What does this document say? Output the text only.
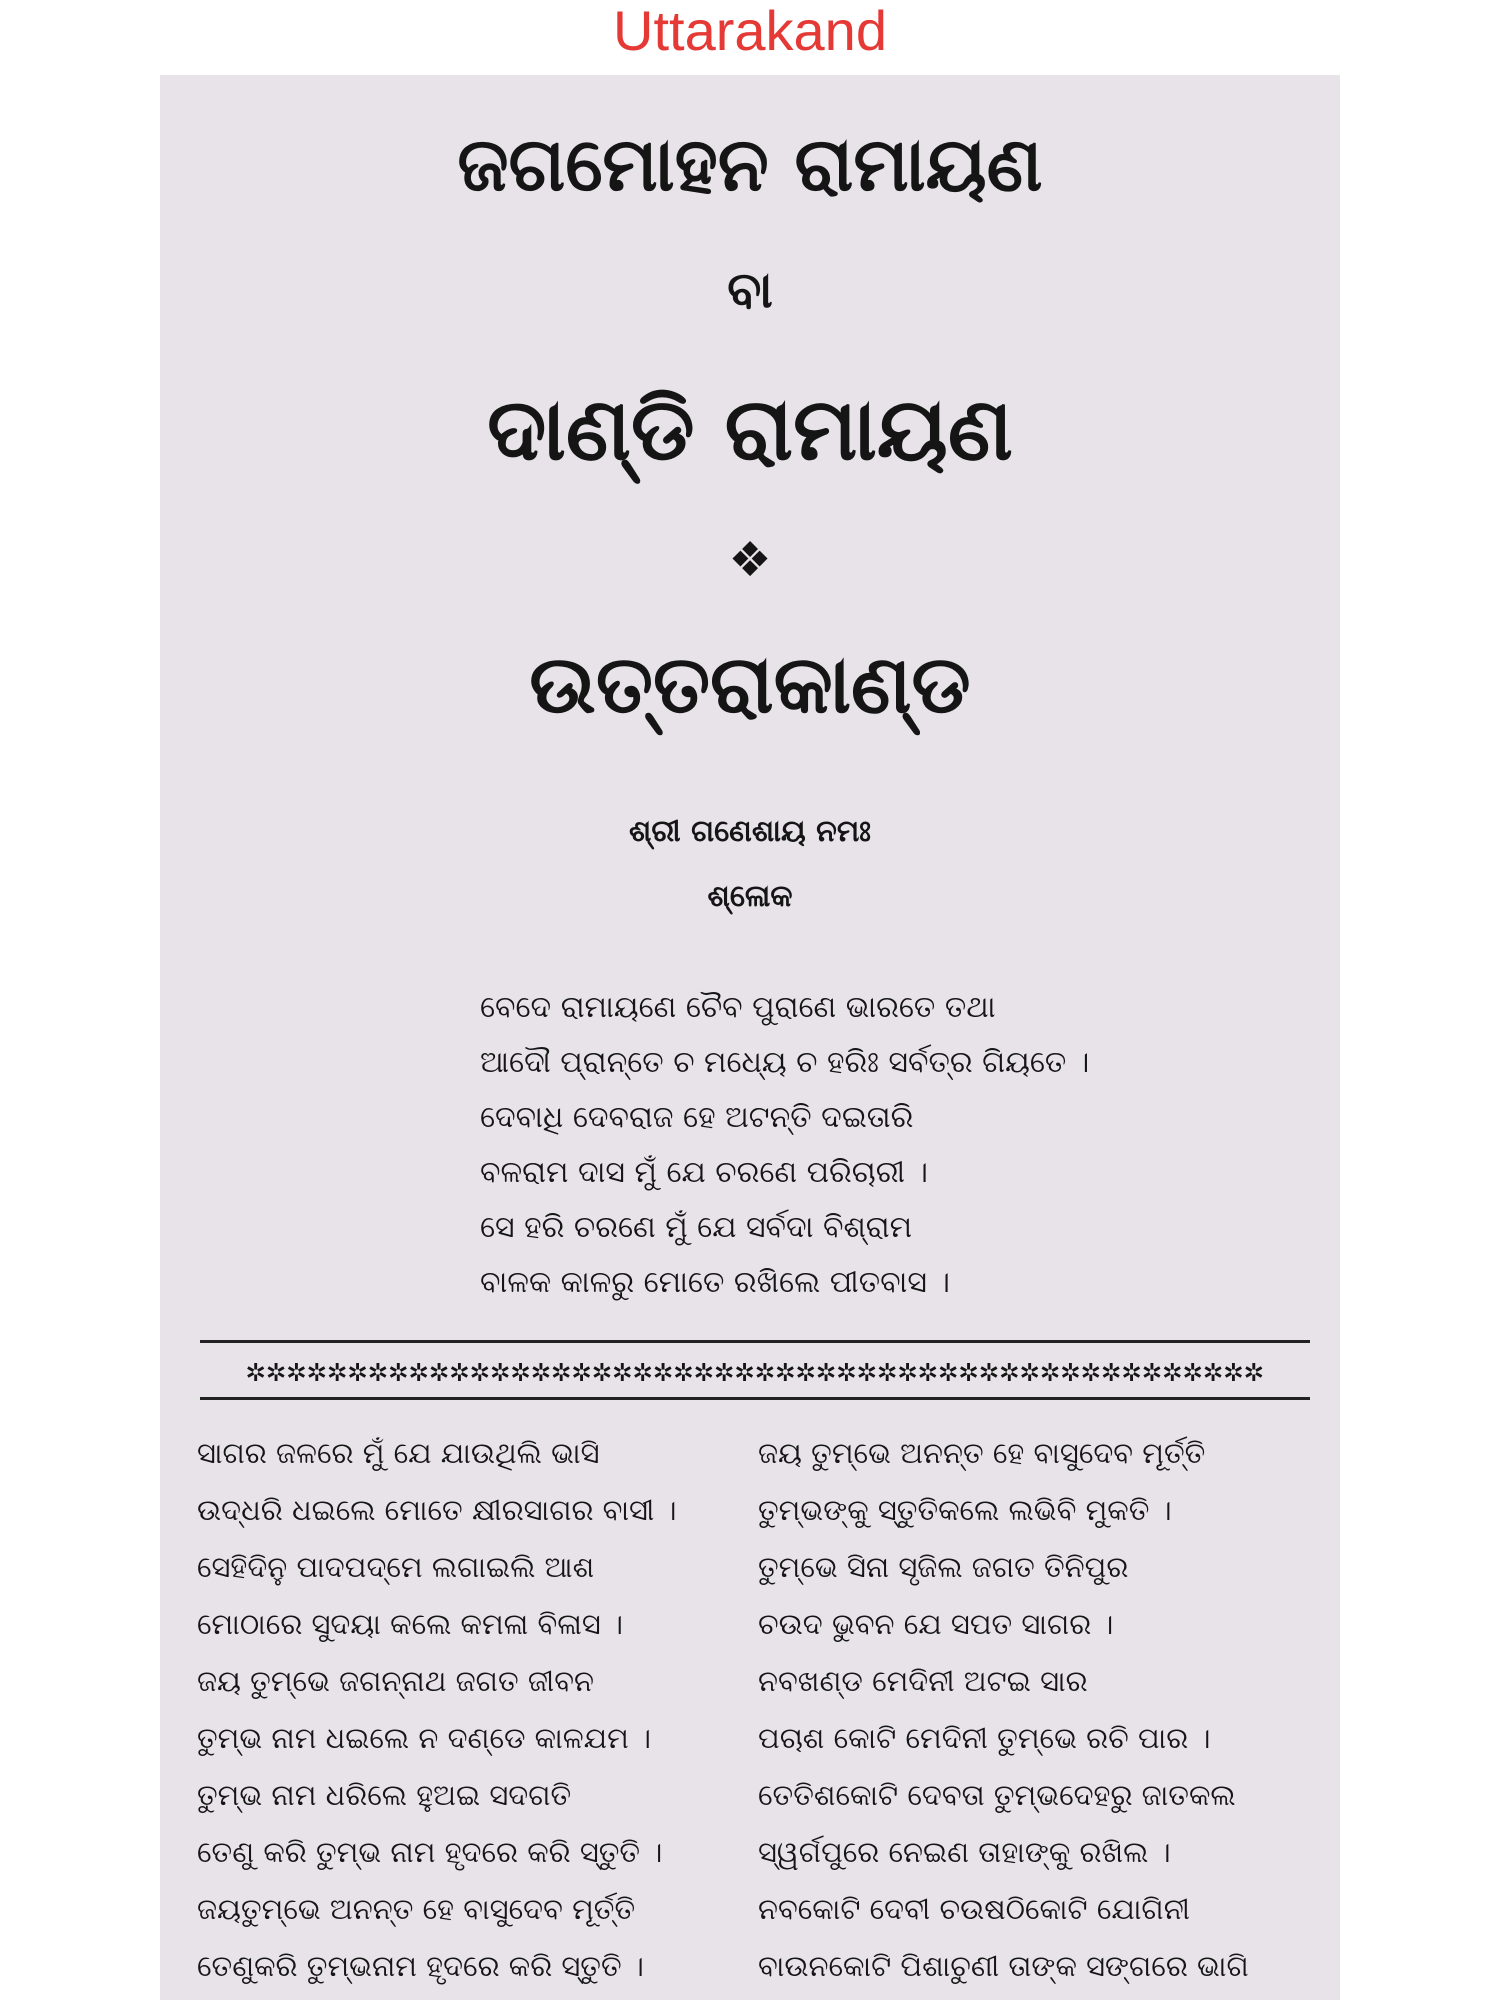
Uttarakand
ଜଗମୋହନ ରାମାୟଣ
ବା
ଦାଣ୍ଡି ରାମାୟଣ
❖
ଉତ୍ତରାକାଣ୍ଡ
ଶ୍ରୀ ଗଣେଶାୟ ନମଃ
ଶ୍ଳୋକ
ବେଦେ ରାମାୟଣେ ଚୈବ ପୁରାଣେ ଭାରତେ ତଥା
ଆଦୌ ପ୍ରାନ୍ତେ ଚ ମଧ୍ୟେ ଚ ହରିଃ ସର୍ବତ୍ର ଗିୟତେ ।
ଦେବାଧି ଦେବରାଜ ହେ ଅଟନ୍ତି ଦଇତାରି
ବଳରାମ ଦାସ ମୁଁ ଯେ ଚରଣେ ପରିଚାରୀ ।
ସେ ହରି ଚରଣେ ମୁଁ ଯେ ସର୍ବଦା ବିଶ୍ରାମ
ବାଳକ କାଳରୁ ମୋତେ ରଖିଲେ ପୀତବାସ ।
✲✲✲✲✲✲✲✲✲✲✲✲✲✲✲✲✲✲✲✲✲✲✲✲✲✲✲✲✲✲✲✲✲✲✲✲✲✲✲✲✲✲✲✲✲✲✲✲✲✲
ସାଗର ଜଳରେ ମୁଁ ଯେ ଯାଉଥିଲି ଭାସି
ଉଦ୍ଧରି ଧଇଲେ ମୋତେ କ୍ଷୀରସାଗର ବାସୀ ।
ସେହିଦିନୁ ପାଦପଦ୍ମେ ଲଗାଇଲି ଆଶ
ମୋଠାରେ ସୁଦୟା କଲେ କମଳା ବିଳାସ ।
ଜୟ ତୁମ୍ଭେ ଜଗନ୍ନାଥ ଜଗତ ଜୀବନ
ତୁମ୍ଭ ନାମ ଧଇଲେ ନ ଦଣ୍ଡେ କାଳଯମ ।
ତୁମ୍ଭ ନାମ ଧରିଲେ ହୁଅଇ ସଦଗତି
ତେଣୁ କରି ତୁମ୍ଭ ନାମ ହୃଦରେ କରି ସ୍ତୁତି ।
ଜୟତୁମ୍ଭେ ଅନନ୍ତ ହେ ବାସୁଦେବ ମୂର୍ତ୍ତି
ତେଣୁକରି ତୁମ୍ଭନାମ ହୃଦରେ କରି ସ୍ତୁତି ।
ଜୟ ତୁମ୍ଭେ ଅନନ୍ତ ହେ ବାସୁଦେବ ମୂର୍ତ୍ତି
ତୁମ୍ଭଙ୍କୁ ସ୍ତୁତିକଲେ ଲଭିବି ମୁକତି ।
ତୁମ୍ଭେ ସିନା ସୃଜିଲ ଜଗତ ତିନିପୁର
ଚଉଦ ଭୁବନ ଯେ ସପତ ସାଗର ।
ନବଖଣ୍ଡ ମେଦିନୀ ଅଟଇ ସାର
ପଚାଶ କୋଟି ମେଦିନୀ ତୁମ୍ଭେ ରଚି ପାର ।
ତେତିଶକୋଟି ଦେବତା ତୁମ୍ଭଦେହରୁ ଜାତକଲ
ସ୍ୱର୍ଗପୁରେ ନେଇଣ ତାହାଙ୍କୁ ରଖିଲ ।
ନବକୋଟି ଦେବୀ ଚଉଷଠିକୋଟି ଯୋଗିନୀ
ବାଉନକୋଟି ପିଶାଚୁଣୀ ତାଙ୍କ ସଙ୍ଗରେ ଭାଗି
